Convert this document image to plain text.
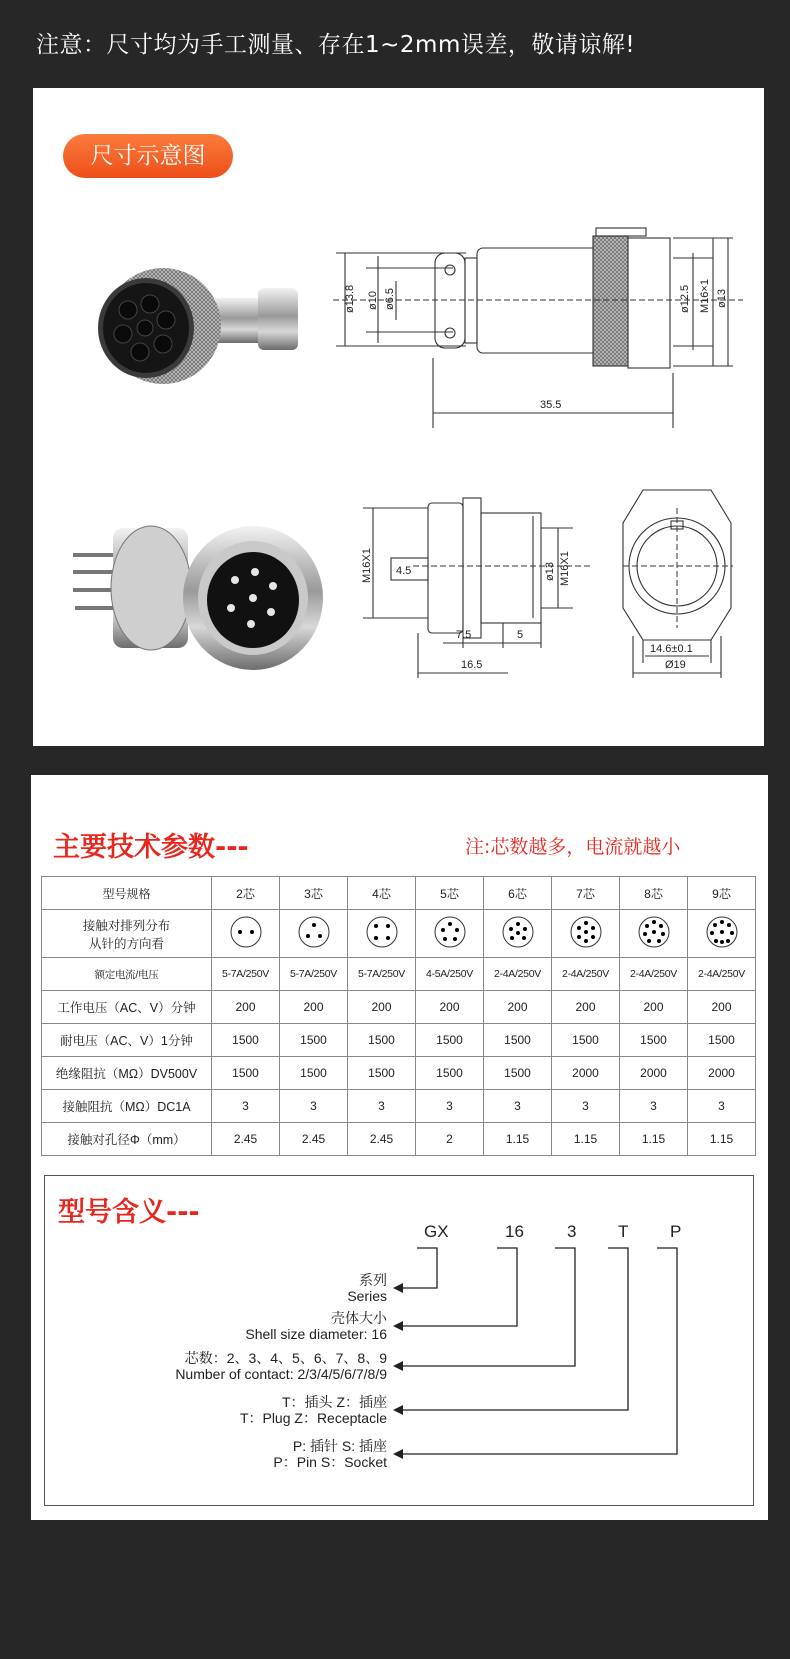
注意：尺寸均为手工测量、存在1~2mm误差，敬请谅解!
尺寸示意图
ø13.8 ø10 ø6.5	ø12.5 M16×1 ø13
35.5
M16X1 4.5	ø13 M16X1
7.5	5
16.5
14.6±0.1
Ø19
主要技术参数---	注:芯数越多，电流就越小
型号规格	2芯	3芯	4芯	5芯	6芯	7芯	8芯	9芯

接触对排列分布
从针的方向看

额定电流/电压	5-7A/250V	5-7A/250V	5-7A/250V	4-5A/250V	2-4A/250V	2-4A/250V	2-4A/250V	2-4A/250V
工作电压（AC、V）分钟	200	200	200	200	200	200	200	200
耐电压（AC、V）1分钟	1500	1500	1500	1500	1500	1500	1500	1500
绝缘阻抗（MΩ）DV500V	1500	1500	1500	1500	1500	2000	2000	2000
接触阻抗（MΩ）DC1A	3	3	3	3	3	3	3	3
接触对孔径Φ（mm）	2.45	2.45	2.45	2	1.15	1.15	1.15	1.15
型号含义---
GX	16	3 T P
系列
Series
壳体大小
Shell size diameter: 16
芯数：2、3、4、5、6、7、8、9
Number of contact: 2/3/4/5/6/7/8/9
T：插头 Z：插座
T：Plug Z：Receptacle
P: 插针 S: 插座
P：Pin S：Socket
